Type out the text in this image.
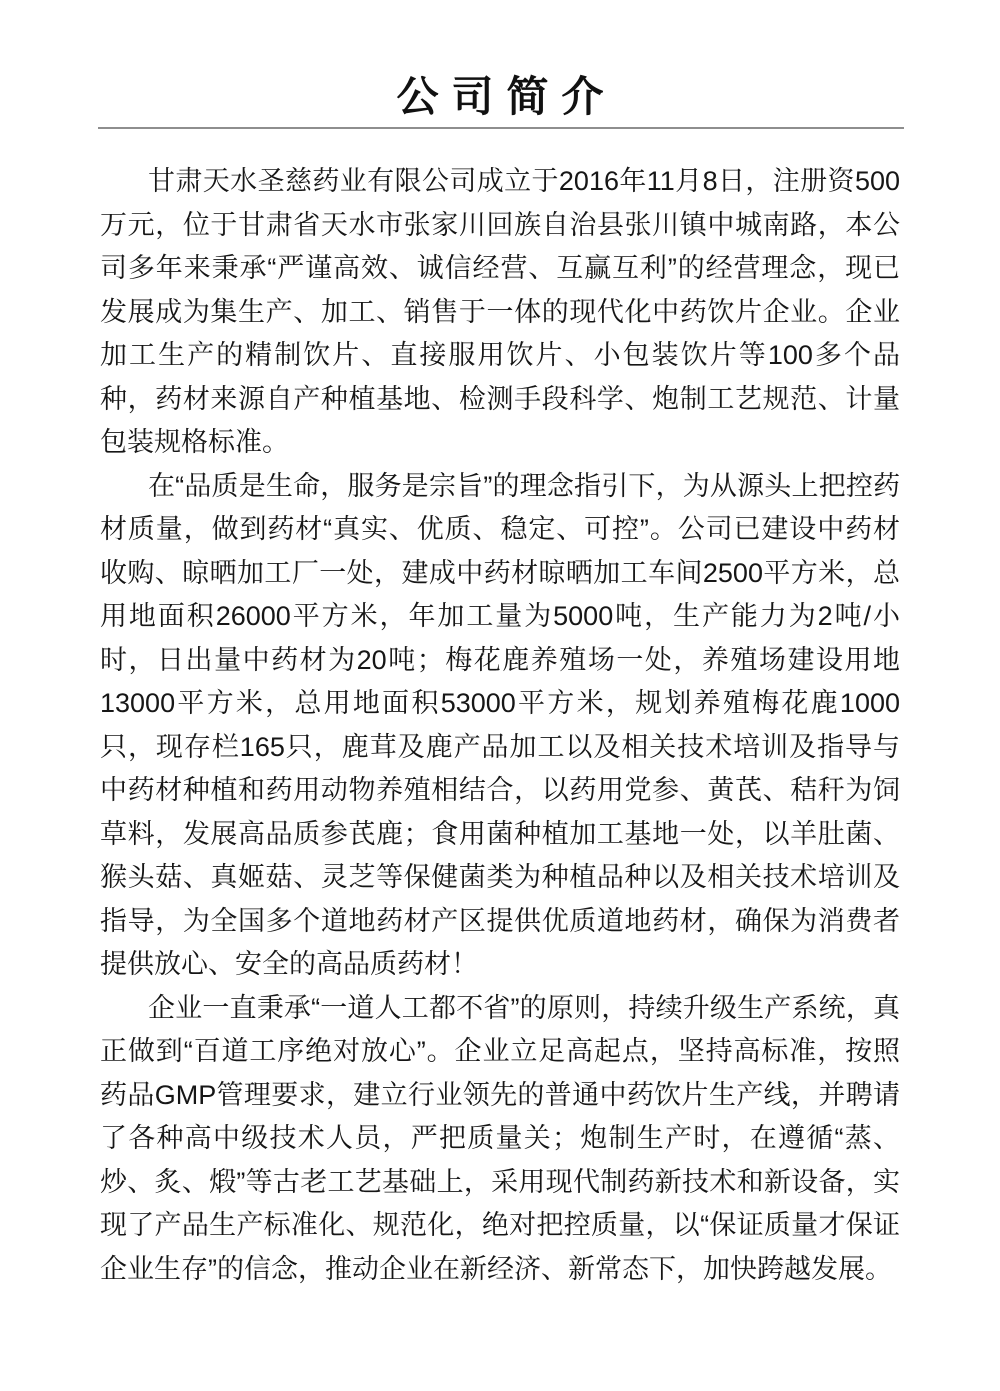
公司简介

甘肃天水圣慈药业有限公司成立于2016年11月8日，注册资500万元，位于甘肃省天水市张家川回族自治县张川镇中城南路，本公司多年来秉承“严谨高效、诚信经营、互赢互利”的经营理念，现已发展成为集生产、加工、销售于一体的现代化中药饮片企业。企业加工生产的精制饮片、直接服用饮片、小包装饮片等100多个品种，药材来源自产种植基地、检测手段科学、炮制工艺规范、计量包装规格标准。

在“品质是生命，服务是宗旨”的理念指引下，为从源头上把控药材质量，做到药材“真实、优质、稳定、可控”。公司已建设中药材收购、晾晒加工厂一处，建成中药材晾晒加工车间2500平方米，总用地面积26000平方米，年加工量为5000吨，生产能力为2吨/小时，日出量中药材为20吨；梅花鹿养殖场一处，养殖场建设用地13000平方米，总用地面积53000平方米，规划养殖梅花鹿1000只，现存栏165只，鹿茸及鹿产品加工以及相关技术培训及指导与中药材种植和药用动物养殖相结合，以药用党参、黄芪、秸秆为饲草料，发展高品质参芪鹿；食用菌种植加工基地一处，以羊肚菌、猴头菇、真姬菇、灵芝等保健菌类为种植品种以及相关技术培训及指导，为全国多个道地药材产区提供优质道地药材，确保为消费者提供放心、安全的高品质药材！

企业一直秉承“一道人工都不省”的原则，持续升级生产系统，真正做到“百道工序绝对放心”。企业立足高起点，坚持高标准，按照药品GMP管理要求，建立行业领先的普通中药饮片生产线，并聘请了各种高中级技术人员，严把质量关；炮制生产时，在遵循“蒸、炒、炙、煅”等古老工艺基础上，采用现代制药新技术和新设备，实现了产品生产标准化、规范化，绝对把控质量，以“保证质量才保证企业生存”的信念，推动企业在新经济、新常态下，加快跨越发展。
